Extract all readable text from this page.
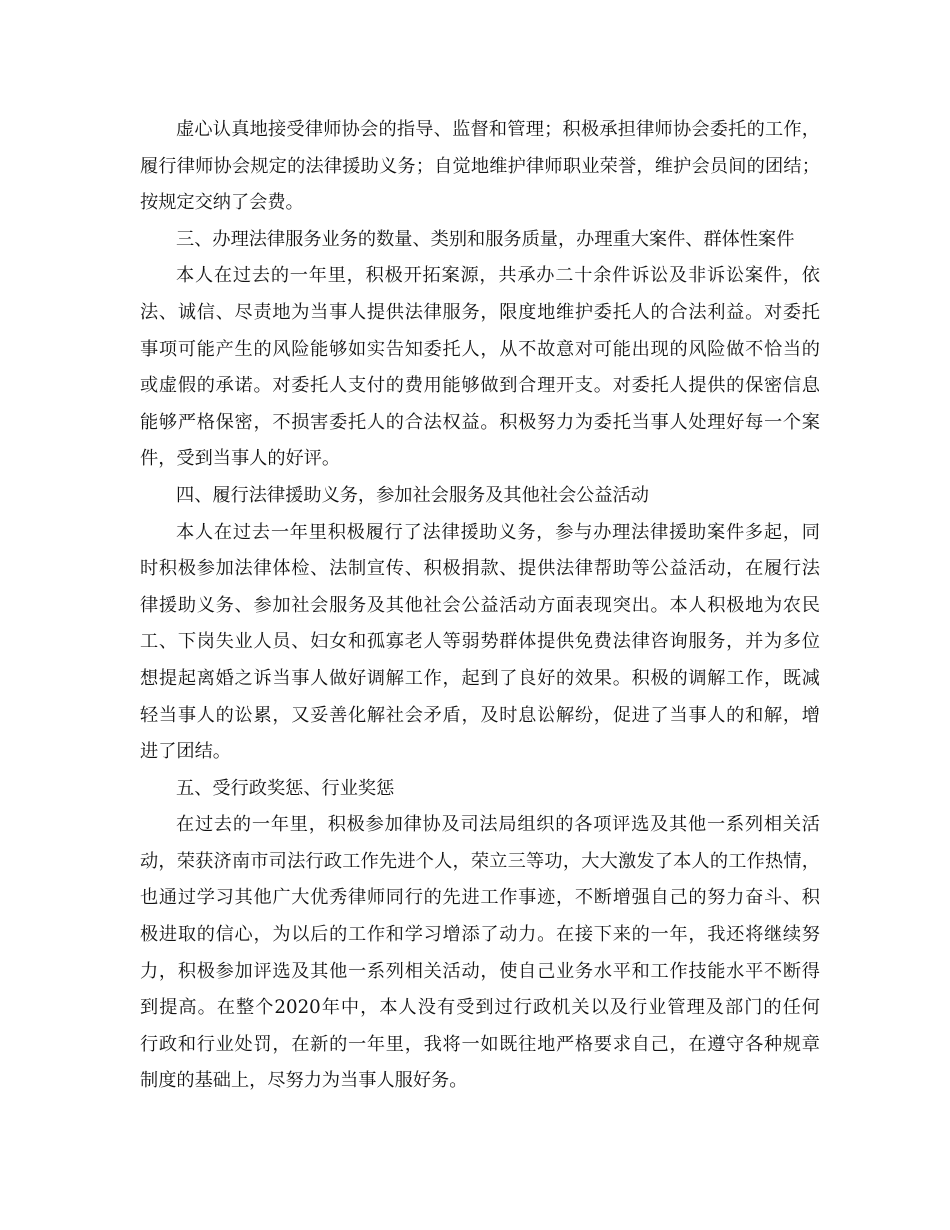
虚心认真地接受律师协会的指导、监督和管理；积极承担律师协会委托的工作，
履行律师协会规定的法律援助义务；自觉地维护律师职业荣誉，维护会员间的团结；
按规定交纳了会费。
三、办理法律服务业务的数量、类别和服务质量，办理重大案件、群体性案件
本人在过去的一年里，积极开拓案源，共承办二十余件诉讼及非诉讼案件，依
法、诚信、尽责地为当事人提供法律服务，限度地维护委托人的合法利益。对委托
事项可能产生的风险能够如实告知委托人，从不故意对可能出现的风险做不恰当的
或虚假的承诺。对委托人支付的费用能够做到合理开支。对委托人提供的保密信息
能够严格保密，不损害委托人的合法权益。积极努力为委托当事人处理好每一个案
件，受到当事人的好评。
四、履行法律援助义务，参加社会服务及其他社会公益活动
本人在过去一年里积极履行了法律援助义务，参与办理法律援助案件多起，同
时积极参加法律体检、法制宣传、积极捐款、提供法律帮助等公益活动，在履行法
律援助义务、参加社会服务及其他社会公益活动方面表现突出。本人积极地为农民
工、下岗失业人员、妇女和孤寡老人等弱势群体提供免费法律咨询服务，并为多位
想提起离婚之诉当事人做好调解工作，起到了良好的效果。积极的调解工作，既减
轻当事人的讼累，又妥善化解社会矛盾，及时息讼解纷，促进了当事人的和解，增
进了团结。
五、受行政奖惩、行业奖惩
在过去的一年里，积极参加律协及司法局组织的各项评选及其他一系列相关活
动，荣获济南市司法行政工作先进个人，荣立三等功，大大激发了本人的工作热情，
也通过学习其他广大优秀律师同行的先进工作事迹，不断增强自己的努力奋斗、积
极进取的信心，为以后的工作和学习增添了动力。在接下来的一年，我还将继续努
力，积极参加评选及其他一系列相关活动，使自己业务水平和工作技能水平不断得
到提高。在整个2020年中，本人没有受到过行政机关以及行业管理及部门的任何
行政和行业处罚，在新的一年里，我将一如既往地严格要求自己，在遵守各种规章
制度的基础上，尽努力为当事人服好务。
